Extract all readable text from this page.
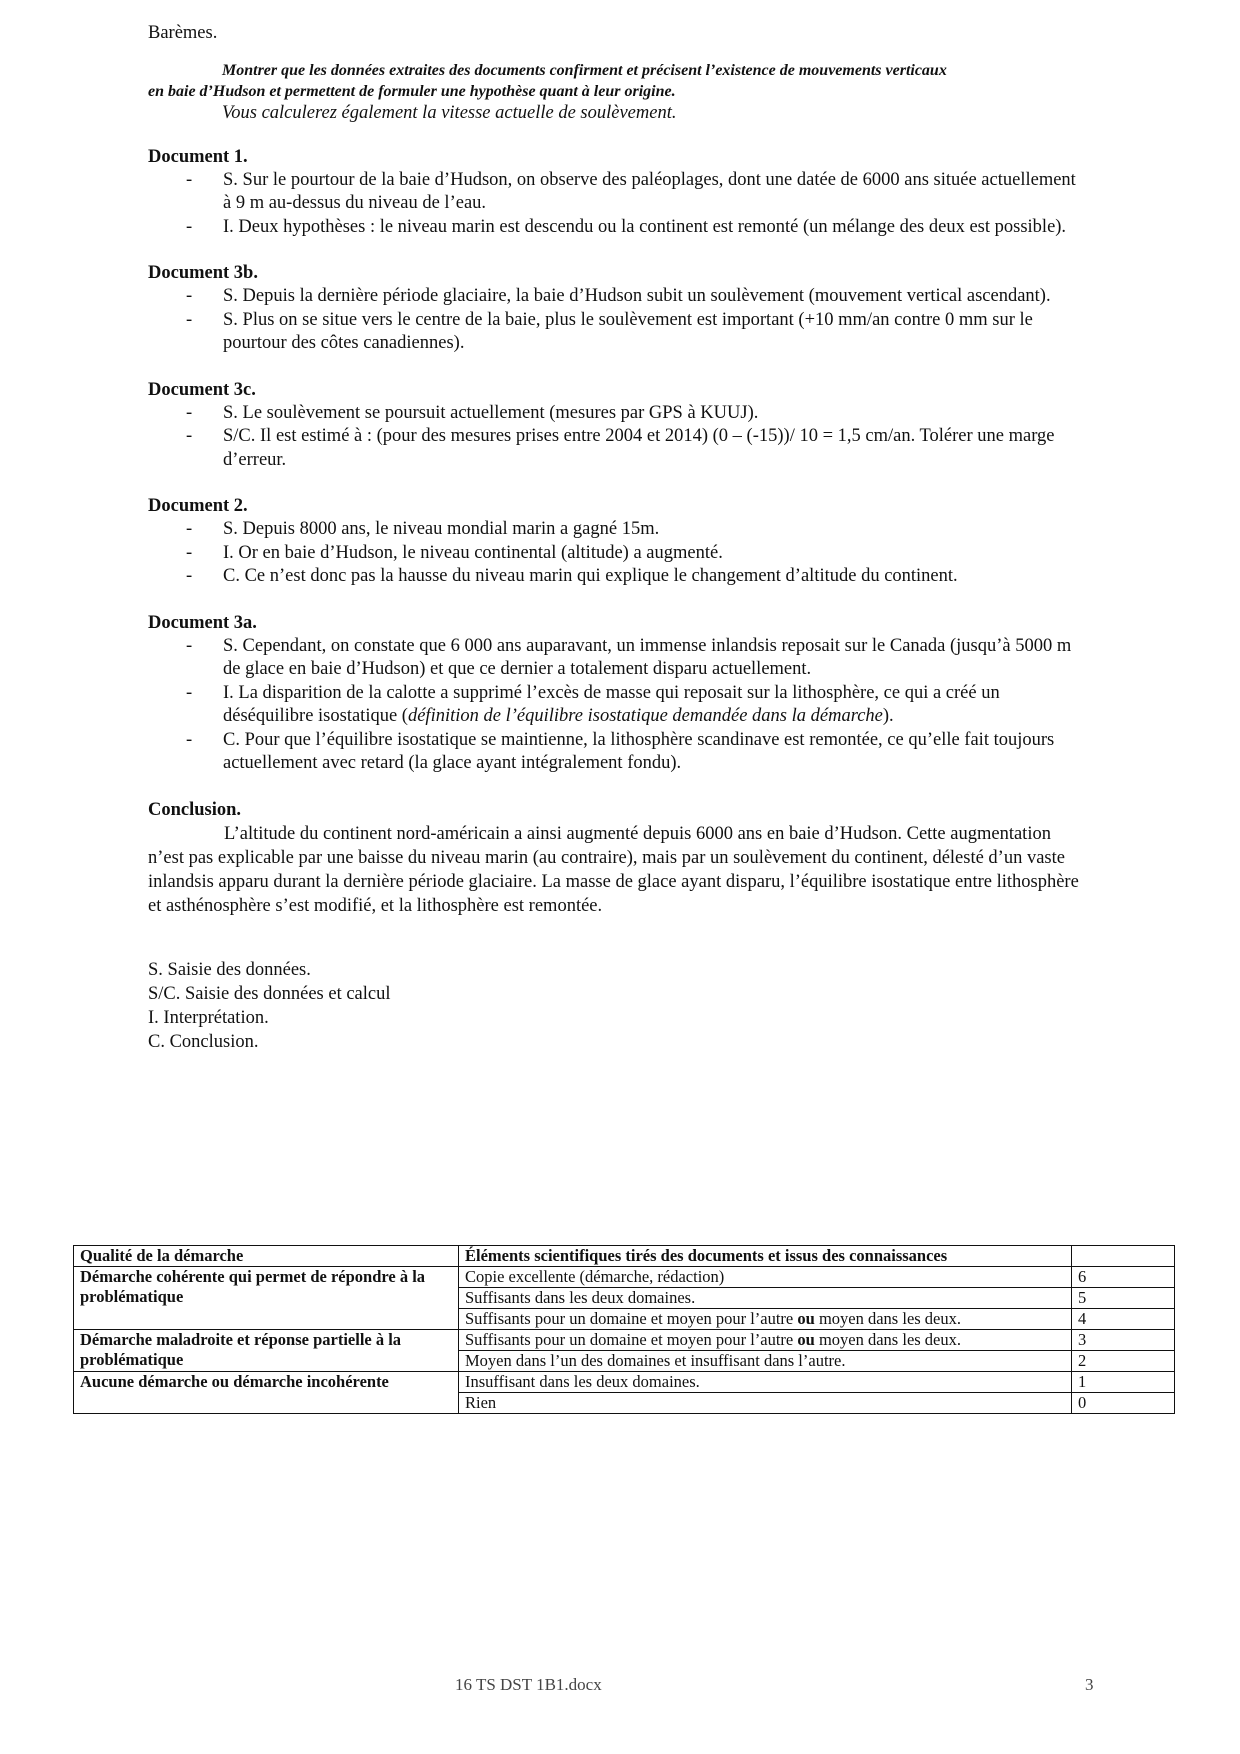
Barèmes.

Montrer que les données extraites des documents confirment et précisent l’existence de mouvements verticaux
en baie d’Hudson et permettent de formuler une hypothèse quant à leur origine.

Vous calculerez également la vitesse actuelle de soulèvement.

Document 1.
- S. Sur le pourtour de la baie d’Hudson, on observe des paléoplages, dont une datée de 6000 ans située actuellement à 9 m au-dessus du niveau de l’eau.
- I. Deux hypothèses : le niveau marin est descendu ou la continent est remonté (un mélange des deux est possible).
Document 3b.
- S. Depuis la dernière période glaciaire, la baie d’Hudson subit un soulèvement (mouvement vertical ascendant).
- S. Plus on se situe vers le centre de la baie, plus le soulèvement est important (+10 mm/an contre 0 mm sur le pourtour des côtes canadiennes).
Document 3c.
- S. Le soulèvement se poursuit actuellement (mesures par GPS à KUUJ).
- S/C. Il est estimé à : (pour des mesures prises entre 2004 et 2014) (0 – (-15))/ 10 = 1,5 cm/an. Tolérer une marge d’erreur.
Document 2.
- S. Depuis 8000 ans, le niveau mondial marin a gagné 15m.
- I. Or en baie d’Hudson, le niveau continental (altitude) a augmenté.
- C. Ce n’est donc pas la hausse du niveau marin qui explique le changement d’altitude du continent.
Document 3a.
- S. Cependant, on constate que 6 000 ans auparavant, un immense inlandsis reposait sur le Canada (jusqu’à 5000 m de glace en baie d’Hudson) et que ce dernier a totalement disparu actuellement.
- I. La disparition de la calotte a supprimé l’excès de masse qui reposait sur la lithosphère, ce qui a créé un déséquilibre isostatique (définition de l’équilibre isostatique demandée dans la démarche).
- C. Pour que l’équilibre isostatique se maintienne, la lithosphère scandinave est remontée, ce qu’elle fait toujours actuellement avec retard (la glace ayant intégralement fondu).
Conclusion.

L’altitude du continent nord-américain a ainsi augmenté depuis 6000 ans en baie d’Hudson. Cette augmentation n’est pas explicable par une baisse du niveau marin (au contraire), mais par un soulèvement du continent, délesté d’un vaste inlandsis apparu durant la dernière période glaciaire. La masse de glace ayant disparu, l’équilibre isostatique entre lithosphère et asthénosphère s’est modifié, et la lithosphère est remontée.

S. Saisie des données.
S/C. Saisie des données et calcul
I. Interprétation.
C. Conclusion.
Qualité de la démarche	Éléments scientifiques tirés des documents et issus des connaissances	
Démarche cohérente qui permet de répondre à la problématique	Copie excellente (démarche, rédaction)	6
	Suffisants dans les deux domaines.	5
	Suffisants pour un domaine et moyen pour l’autre ou moyen dans les deux.	4
Démarche maladroite et réponse partielle à la problématique	Suffisants pour un domaine et moyen pour l’autre ou moyen dans les deux.	3
	Moyen dans l’un des domaines et insuffisant dans l’autre.	2
Aucune démarche ou démarche incohérente	Insuffisant dans les deux domaines.	1
	Rien	0
16 TS DST 1B1.docx	3
